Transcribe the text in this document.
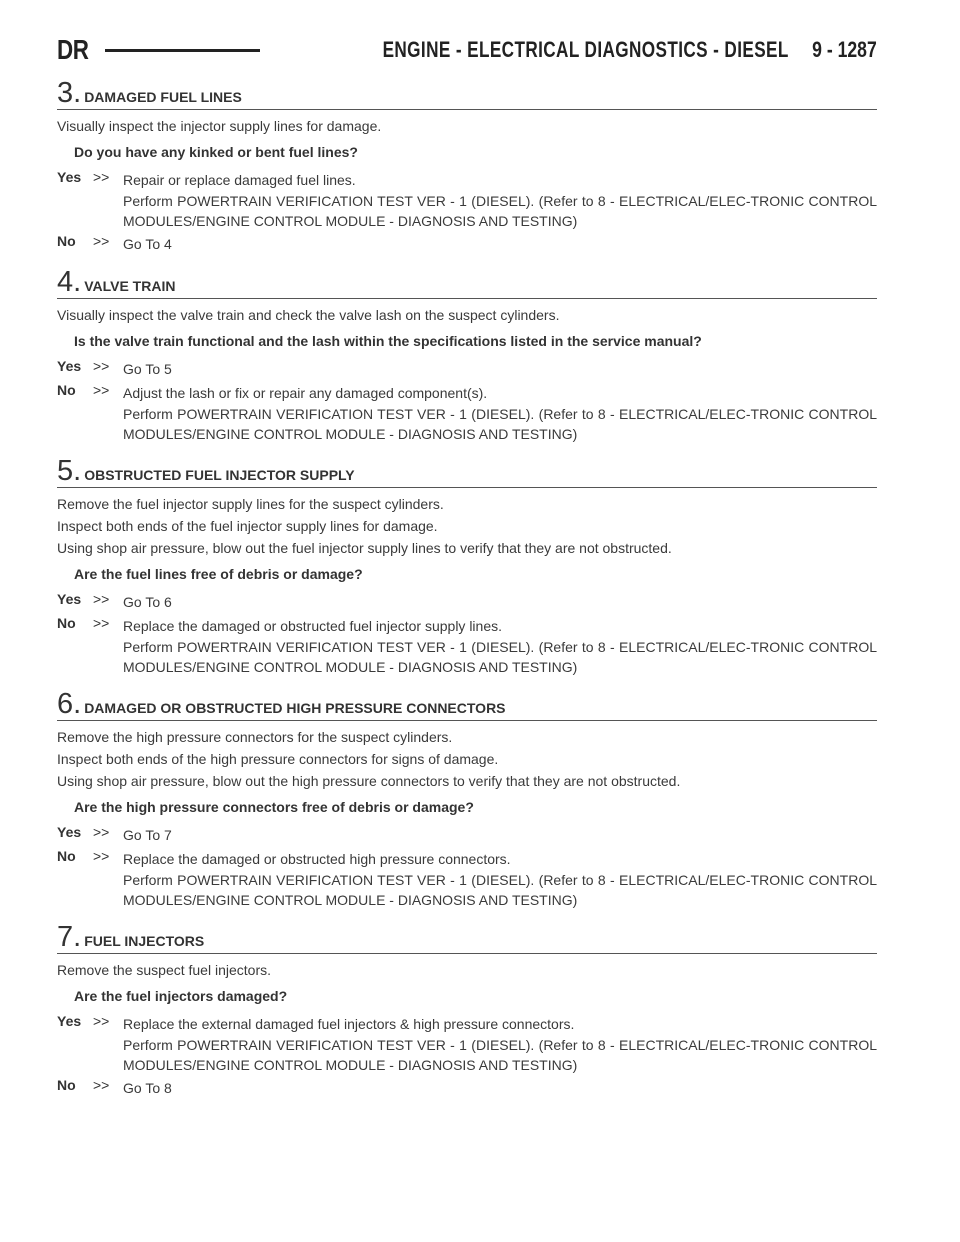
DR	ENGINE - ELECTRICAL DIAGNOSTICS - DIESEL 9 - 1287
3. DAMAGED FUEL LINES
Visually inspect the injector supply lines for damage.
Do you have any kinked or bent fuel lines?
Yes >> Repair or replace damaged fuel lines.
Perform POWERTRAIN VERIFICATION TEST VER - 1 (DIESEL). (Refer to 8 - ELECTRICAL/ELEC-TRONIC CONTROL MODULES/ENGINE CONTROL MODULE - DIAGNOSIS AND TESTING)
No	>> Go To 4
4. VALVE TRAIN
Visually inspect the valve train and check the valve lash on the suspect cylinders.
Is the valve train functional and the lash within the specifications listed in the service manual?
Yes >> Go To 5
No	>> Adjust the lash or fix or repair any damaged component(s).
Perform POWERTRAIN VERIFICATION TEST VER - 1 (DIESEL). (Refer to 8 - ELECTRICAL/ELEC-TRONIC CONTROL MODULES/ENGINE CONTROL MODULE - DIAGNOSIS AND TESTING)
5. OBSTRUCTED FUEL INJECTOR SUPPLY
Remove the fuel injector supply lines for the suspect cylinders.
Inspect both ends of the fuel injector supply lines for damage.
Using shop air pressure, blow out the fuel injector supply lines to verify that they are not obstructed.
Are the fuel lines free of debris or damage?
Yes >> Go To 6
No	>> Replace the damaged or obstructed fuel injector supply lines.
Perform POWERTRAIN VERIFICATION TEST VER - 1 (DIESEL). (Refer to 8 - ELECTRICAL/ELEC-TRONIC CONTROL MODULES/ENGINE CONTROL MODULE - DIAGNOSIS AND TESTING)
6. DAMAGED OR OBSTRUCTED HIGH PRESSURE CONNECTORS
Remove the high pressure connectors for the suspect cylinders.
Inspect both ends of the high pressure connectors for signs of damage.
Using shop air pressure, blow out the high pressure connectors to verify that they are not obstructed.
Are the high pressure connectors free of debris or damage?
Yes >> Go To 7
No	>> Replace the damaged or obstructed high pressure connectors.
Perform POWERTRAIN VERIFICATION TEST VER - 1 (DIESEL). (Refer to 8 - ELECTRICAL/ELEC-TRONIC CONTROL MODULES/ENGINE CONTROL MODULE - DIAGNOSIS AND TESTING)
7. FUEL INJECTORS
Remove the suspect fuel injectors.
Are the fuel injectors damaged?
Yes >> Replace the external damaged fuel injectors & high pressure connectors.
Perform POWERTRAIN VERIFICATION TEST VER - 1 (DIESEL). (Refer to 8 - ELECTRICAL/ELEC-TRONIC CONTROL MODULES/ENGINE CONTROL MODULE - DIAGNOSIS AND TESTING)
No	>> Go To 8
